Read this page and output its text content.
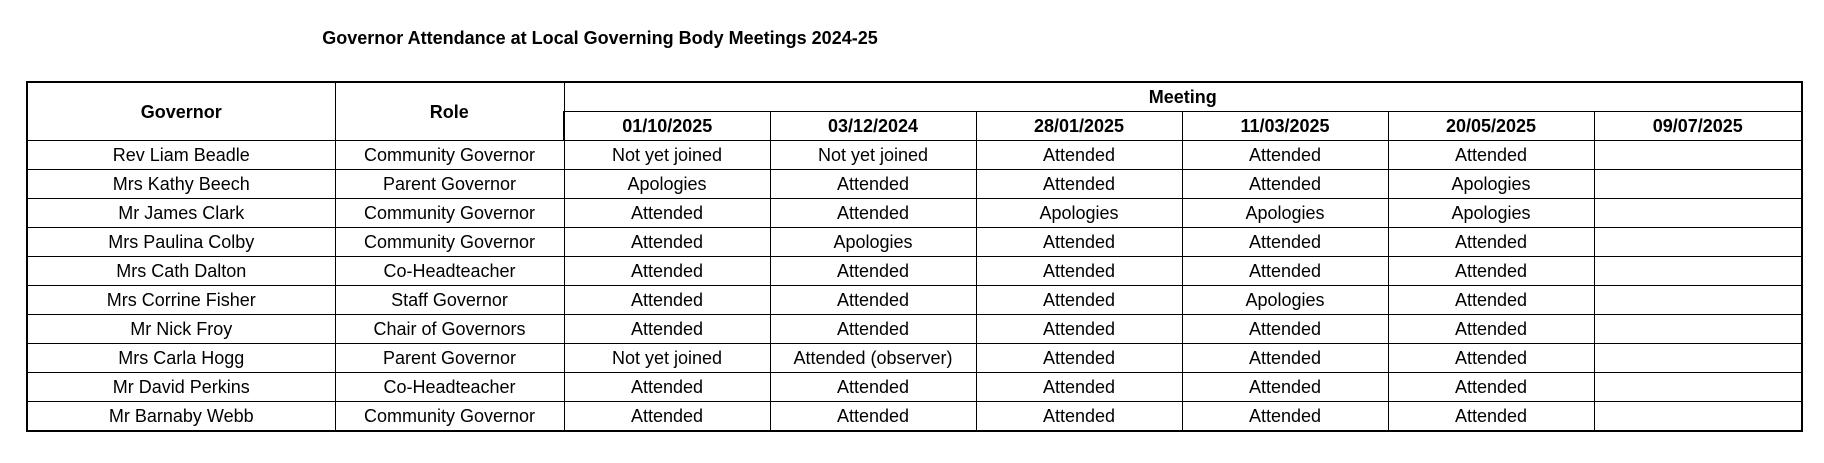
Governor Attendance at Local Governing Body Meetings 2024-25
Governor	Role	Meeting					
		01/10/2025	03/12/2024	28/01/2025	11/03/2025	20/05/2025	09/07/2025
Rev Liam Beadle	Community Governor	Not yet joined	Not yet joined	Attended	Attended	Attended	
Mrs Kathy Beech	Parent Governor	Apologies	Attended	Attended	Attended	Apologies	
Mr James Clark	Community Governor	Attended	Attended	Apologies	Apologies	Apologies	
Mrs Paulina Colby	Community Governor	Attended	Apologies	Attended	Attended	Attended	
Mrs Cath Dalton	Co-Headteacher	Attended	Attended	Attended	Attended	Attended	
Mrs Corrine Fisher	Staff Governor	Attended	Attended	Attended	Apologies	Attended	
Mr Nick Froy	Chair of Governors	Attended	Attended	Attended	Attended	Attended	
Mrs Carla Hogg	Parent Governor	Not yet joined	Attended (observer)	Attended	Attended	Attended	
Mr David Perkins	Co-Headteacher	Attended	Attended	Attended	Attended	Attended	
Mr Barnaby Webb	Community Governor	Attended	Attended	Attended	Attended	Attended	
